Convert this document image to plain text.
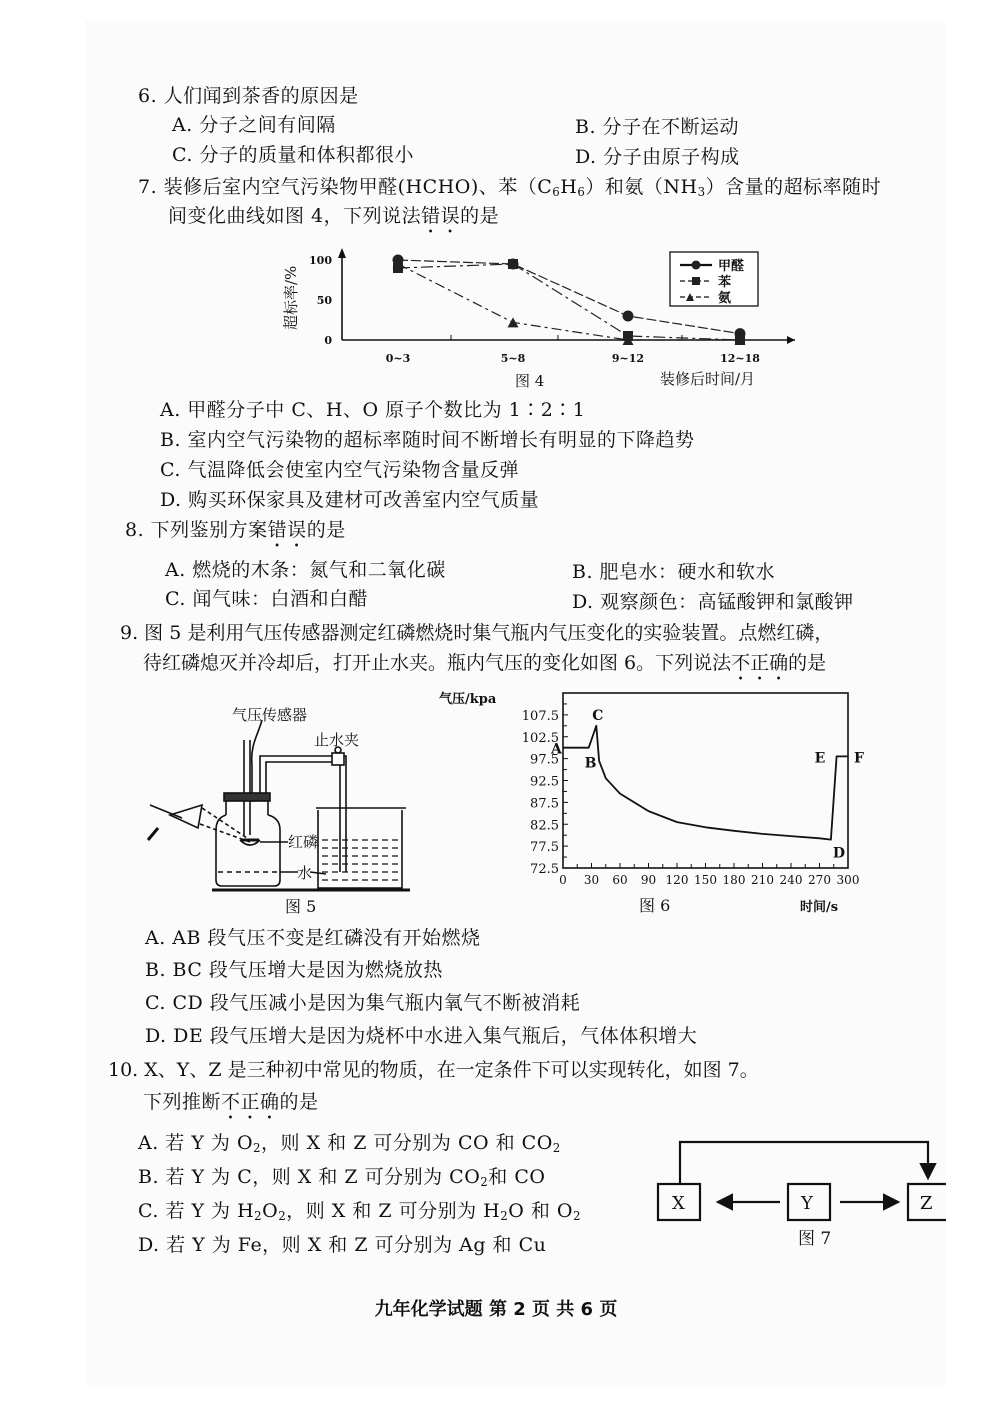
6. 人们闻到茶香的原因是
A. 分子之间有间隔	B. 分子在不断运动
C. 分子的质量和体积都很小	D. 分子由原子构成
7. 装修后室内空气污染物甲醛(HCHO)、苯$(C_6H_6)$和氨$(NH_3)$含量的超标率随时
间变化曲线如图 4，下列说法错误的是
0
50
100
0~3	5~8	9~12	12~18
超标率/%
图 4	装修后时间/月
甲醛
苯
氨
A. 甲醛分子中 C、H、O 原子个数比为 1∶2∶1
B. 室内空气污染物的超标率随时间不断增长有明显的下降趋势
C. 气温降低会使室内空气污染物含量反弹
D. 购买环保家具及建材可改善室内空气质量
8. 下列鉴别方案错误的是
A. 燃烧的木条：氮气和二氧化碳	B. 肥皂水：硬水和软水
C. 闻气味：白酒和白醋	D. 观察颜色：高锰酸钾和氯酸钾
9. 图 5 是利用气压传感器测定红磷燃烧时集气瓶内气压变化的实验装置。点燃红磷，
待红磷熄灭并冷却后，打开止水夹。瓶内气压的变化如图 6。下列说法不正确的是
气压传感器
止水夹
红磷
水
图 5
气压/kpa
72.5
77.5
82.5
87.5
92.5
97.5
102.5
107.5
0 30 60 90 120 150 180 210 240 270 300
图 6	时间/s
A
B
C
D
E F
A. AB 段气压不变是红磷没有开始燃烧
B. BC 段气压增大是因为燃烧放热
C. CD 段气压减小是因为集气瓶内氧气不断被消耗
D. DE 段气压增大是因为烧杯中水进入集气瓶后，气体体积增大
10. X、Y、Z 是三种初中常见的物质，在一定条件下可以实现转化，如图 7。
下列推断不正确的是
A. 若 Y 为 $O_2$，则 X 和 Z 可分别为 CO 和 $CO_2$
B. 若 Y 为 C，则 X 和 Z 可分别为 $CO_2$和 CO
C. 若 Y 为 $H_2O_2$，则 X 和 Z 可分别为 $H_2O$ 和 $O_2$
D. 若 Y 为 Fe，则 X 和 Z 可分别为 Ag 和 Cu
X	Y	Z
图 7
九年化学试题 第 2 页 共 6 页
